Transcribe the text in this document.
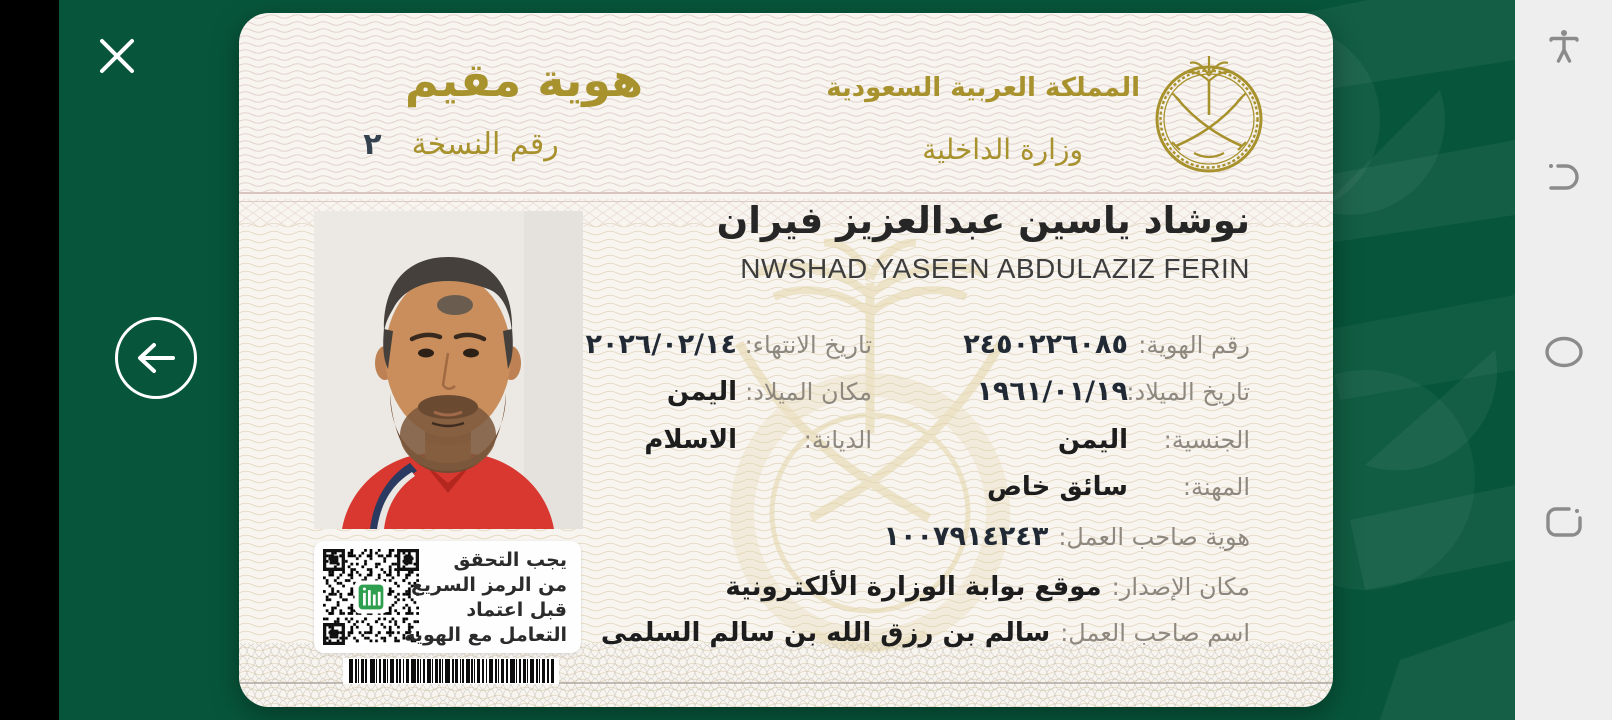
هوية مقيم
رقم النسخة ٢
المملكة العربية السعودية
وزارة الداخلية
نوشاد ياسين عبدالعزيز فيران
NWSHAD YASEEN ABDULAZIZ FERIN
رقم الهوية:
٢٤٥٠٢٢٦٠٨٥
تاريخ الانتهاء:
٢٠٢٦/٠٢/١٤
تاريخ الميلاد:
١٩٦١/٠١/١٩
مكان الميلاد:
اليمن
الجنسية:
اليمن
الديانة:
الاسلام
المهنة:
سائق خاص
هوية صاحب العمل:
١٠٠٧٩١٤٢٤٣
مكان الإصدار:
موقع بوابة الوزارة الألكترونية
اسم صاحب العمل:
سالم بن رزق الله بن سالم السلمى
يجب التحقق
من الرمز السريع
قبل اعتماد
التعامل مع الهوية
